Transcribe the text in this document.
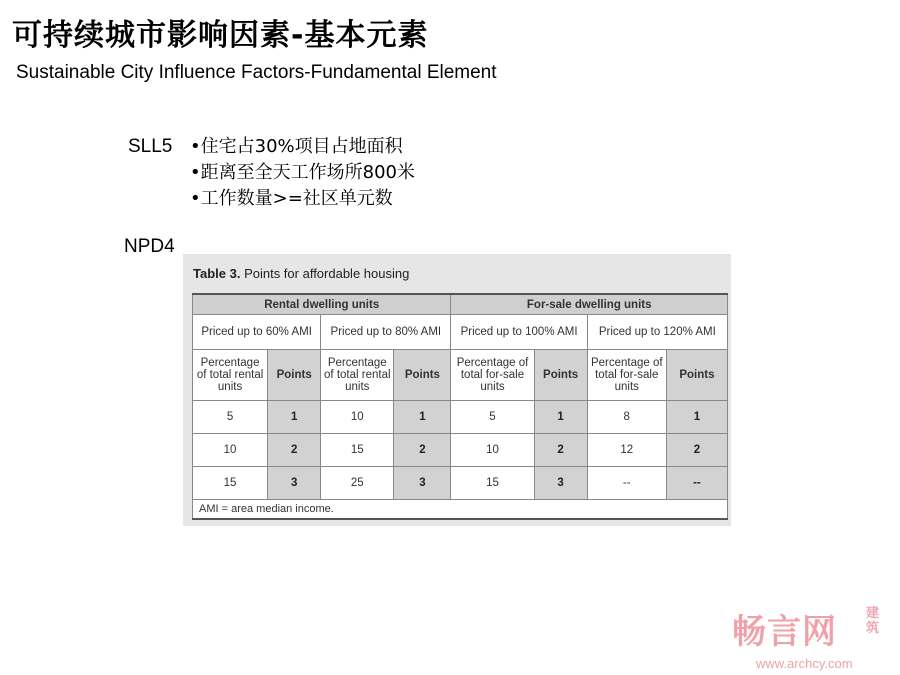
可持续城市影响因素-基本元素
Sustainable City Influence Factors-Fundamental Element
SLL5 •住宅占30%项目占地面积
•距离至全天工作场所800米
•工作数量>=社区单元数
NPD4
Table 3. Points for affordable housing
Rental dwelling units				For-sale dwelling units			
Priced up to 60% AMI		Priced up to 80% AMI		Priced up to 100% AMI		Priced up to 120% AMI	
Percentage of total rental units	Points	Percentage of total rental units	Points	Percentage of total for-sale units	Points	Percentage of total for-sale units	Points
5	1	10	1	5	1	8	1
10	2	15	2	10	2	12	2
15	3	25	3	15	3	--	--
AMI = area median income.							
畅言网 建筑
www.archcy.com
